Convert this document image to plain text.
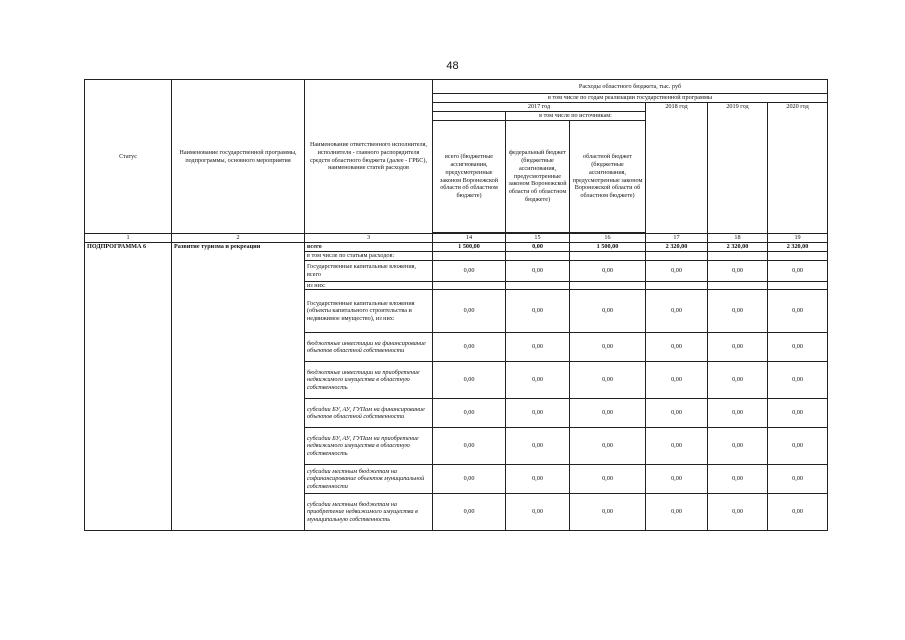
48
Статус	Наименование государственной программы, подпрограммы, основного мероприятия	Наименование ответственного исполнителя, исполнителя - главного распорядителя средств областного бюджета (далее - ГРБС), наименование статей расходов	Расходы областного бюджета, тыс. руб					
			в том числе по годам реализации государственной программы					
			2017 год			2018 год	2019 год	2020 год
				в том числе по источникам:				
			всего (бюджетные ассигнования, предусмотренные законом Воронежской области об областном бюджете)	федеральный бюджет (бюджетные ассигнования, предусмотренные законом Воронежской области об областном бюджете)	областной бюджет (бюджетные ассигнования, предусмотренные законом Воронежской области об областном бюджете)			

1	2	3	14	15	16	17	18	19
ПОДПРОГРАММА 6	Развитие туризма и рекреации	всего	1 500,00	0,00	1 500,00	2 320,00	2 320,00	2 320,00
		в том числе по статьям расходов:						
		Государственные капитальные вложения, всего	0,00	0,00	0,00	0,00	0,00	0,00
		из них:						
		Государственные капитальные вложения (объекты капитального строительства и недвижимое имущество), из них:	0,00	0,00	0,00	0,00	0,00	0,00
		бюджетные инвестиции на финансирование объектов областной собственности	0,00	0,00	0,00	0,00	0,00	0,00
		бюджетные инвестиции на приобретение недвижимого имущества в областную собственность	0,00	0,00	0,00	0,00	0,00	0,00
		субсидии БУ, АУ, ГУПам на финансирование объектов областной собственности	0,00	0,00	0,00	0,00	0,00	0,00
		субсидии БУ, АУ, ГУПам на приобретение недвижимого имущества в областную собственность	0,00	0,00	0,00	0,00	0,00	0,00
		субсидии местным бюджетам на софинансирование объектов муниципальной собственности	0,00	0,00	0,00	0,00	0,00	0,00
		субсидии местным бюджетам на приобретение недвижимого имущества в муниципальную собственность	0,00	0,00	0,00	0,00	0,00	0,00
